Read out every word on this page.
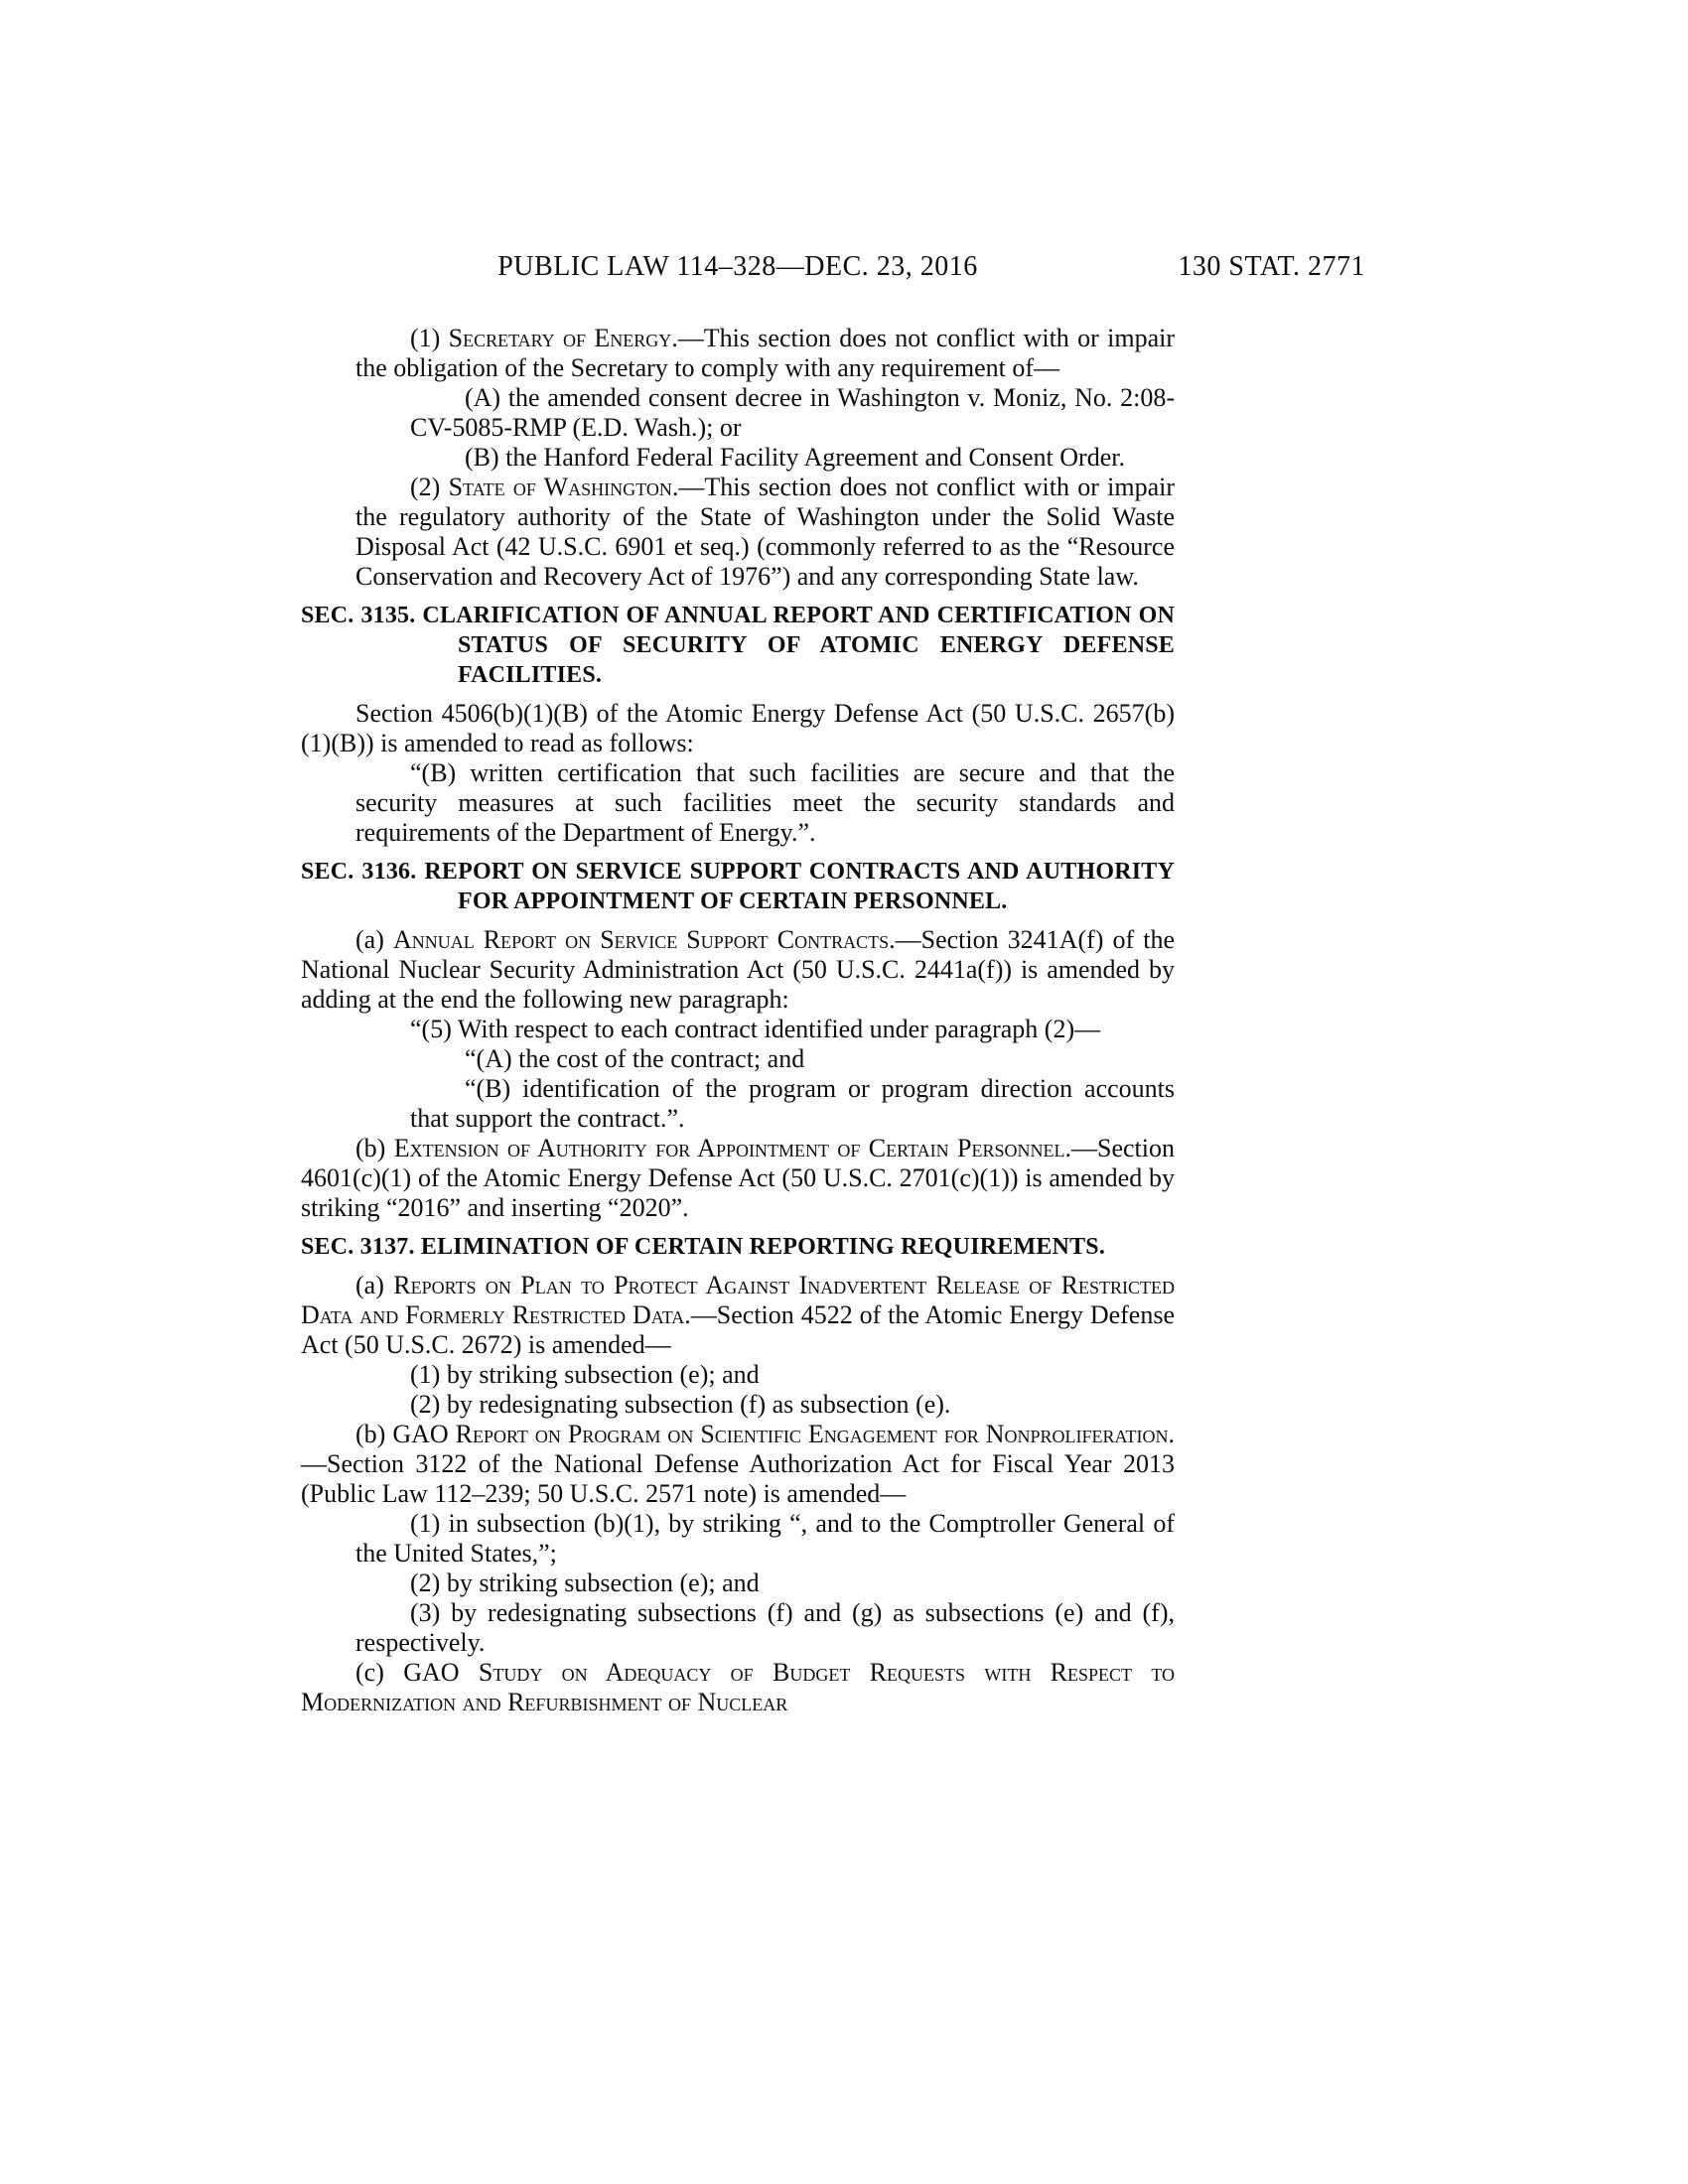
PUBLIC LAW 114–328—DEC. 23, 2016	130 STAT. 2771

(1) Secretary of Energy.—This section does not conflict with or impair the obligation of the Secretary to comply with any requirement of—

(A) the amended consent decree in Washington v. Moniz, No. 2:08-CV-5085-RMP (E.D. Wash.); or

(B) the Hanford Federal Facility Agreement and Consent Order.

(2) State of Washington.—This section does not conflict with or impair the regulatory authority of the State of Washington under the Solid Waste Disposal Act (42 U.S.C. 6901 et seq.) (commonly referred to as the “Resource Conservation and Recovery Act of 1976”) and any corresponding State law.

SEC. 3135. CLARIFICATION OF ANNUAL REPORT AND CERTIFICATION ON STATUS OF SECURITY OF ATOMIC ENERGY DEFENSE FACILITIES.

Section 4506(b)(1)(B) of the Atomic Energy Defense Act (50 U.S.C. 2657(b)(1)(B)) is amended to read as follows:

“(B) written certification that such facilities are secure and that the security measures at such facilities meet the security standards and requirements of the Department of Energy.”.

SEC. 3136. REPORT ON SERVICE SUPPORT CONTRACTS AND AUTHORITY FOR APPOINTMENT OF CERTAIN PERSONNEL.

(a) Annual Report on Service Support Contracts.—Section 3241A(f) of the National Nuclear Security Administration Act (50 U.S.C. 2441a(f)) is amended by adding at the end the following new paragraph:

“(5) With respect to each contract identified under paragraph (2)—

“(A) the cost of the contract; and

“(B) identification of the program or program direction accounts that support the contract.”.

(b) Extension of Authority for Appointment of Certain Personnel.—Section 4601(c)(1) of the Atomic Energy Defense Act (50 U.S.C. 2701(c)(1)) is amended by striking “2016” and inserting “2020”.

SEC. 3137. ELIMINATION OF CERTAIN REPORTING REQUIREMENTS.

(a) Reports on Plan to Protect Against Inadvertent Release of Restricted Data and Formerly Restricted Data.—Section 4522 of the Atomic Energy Defense Act (50 U.S.C. 2672) is amended—

(1) by striking subsection (e); and

(2) by redesignating subsection (f) as subsection (e).

(b) GAO Report on Program on Scientific Engagement for Nonproliferation.—Section 3122 of the National Defense Authorization Act for Fiscal Year 2013 (Public Law 112–239; 50 U.S.C. 2571 note) is amended—

(1) in subsection (b)(1), by striking “, and to the Comptroller General of the United States,”;

(2) by striking subsection (e); and

(3) by redesignating subsections (f) and (g) as subsections (e) and (f), respectively.

(c) GAO Study on Adequacy of Budget Requests with Respect to Modernization and Refurbishment of Nuclear
